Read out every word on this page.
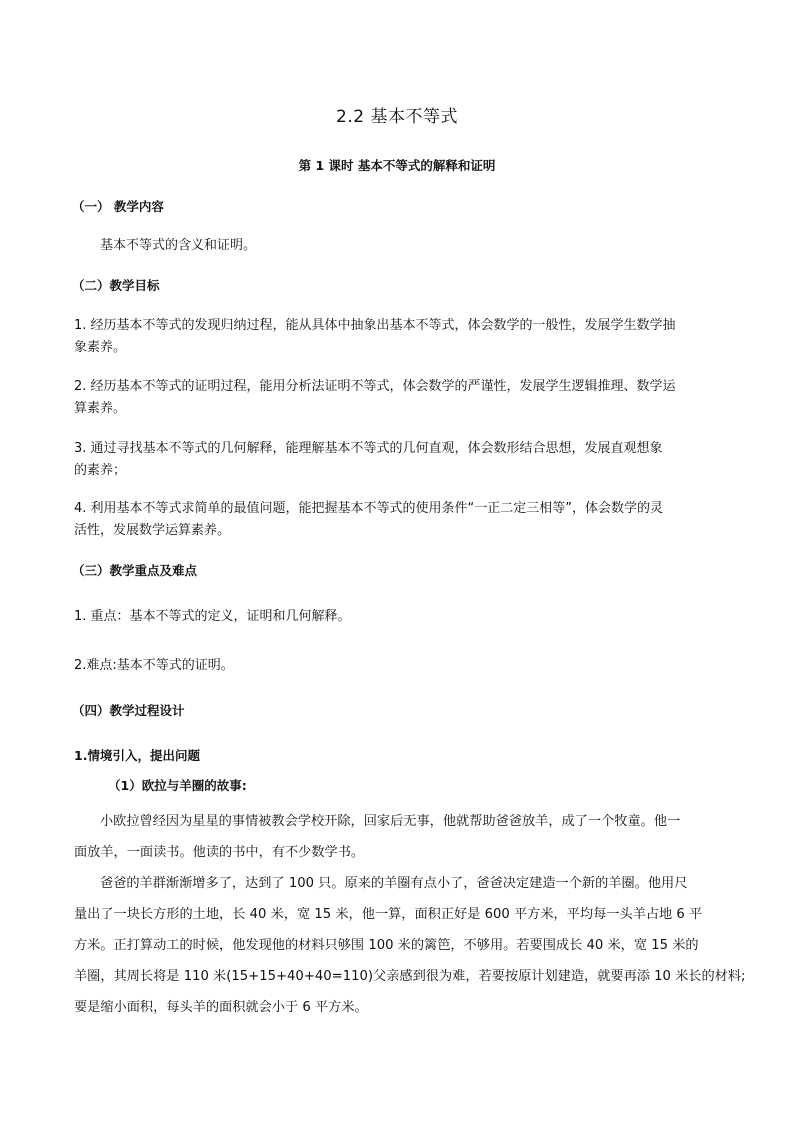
2.2 基本不等式
第 1 课时 基本不等式的解释和证明
（一） 教学内容
基本不等式的含义和证明。
（二）教学目标

1. 经历基本不等式的发现归纳过程，能从具体中抽象出基本不等式，体会数学的一般性，发展学生数学抽

象素养。

2. 经历基本不等式的证明过程，能用分析法证明不等式，体会数学的严谨性，发展学生逻辑推理、数学运

算素养。

3. 通过寻找基本不等式的几何解释，能理解基本不等式的几何直观，体会数形结合思想，发展直观想象

的素养；

4. 利用基本不等式求简单的最值问题，能把握基本不等式的使用条件“一正二定三相等”，体会数学的灵

活性，发展数学运算素养。

（三）教学重点及难点
1. 重点：基本不等式的定义，证明和几何解释。
2.难点:基本不等式的证明。
（四）教学过程设计
1.情境引入，提出问题
（1）欧拉与羊圈的故事:

小欧拉曾经因为星星的事情被教会学校开除，回家后无事，他就帮助爸爸放羊，成了一个牧童。他一

面放羊，一面读书。他读的书中，有不少数学书。

爸爸的羊群渐渐增多了，达到了 100 只。原来的羊圈有点小了，爸爸决定建造一个新的羊圈。他用尺

量出了一块长方形的土地，长 40 米，宽 15 米，他一算，面积正好是 600 平方米，平均每一头羊占地 6 平

方米。正打算动工的时候，他发现他的材料只够围 100 米的篱笆，不够用。若要围成长 40 米，宽 15 米的

羊圈，其周长将是 110 米(15+15+40+40=110)父亲感到很为难，若要按原计划建造，就要再添 10 米长的材料;

要是缩小面积，每头羊的面积就会小于 6 平方米。
